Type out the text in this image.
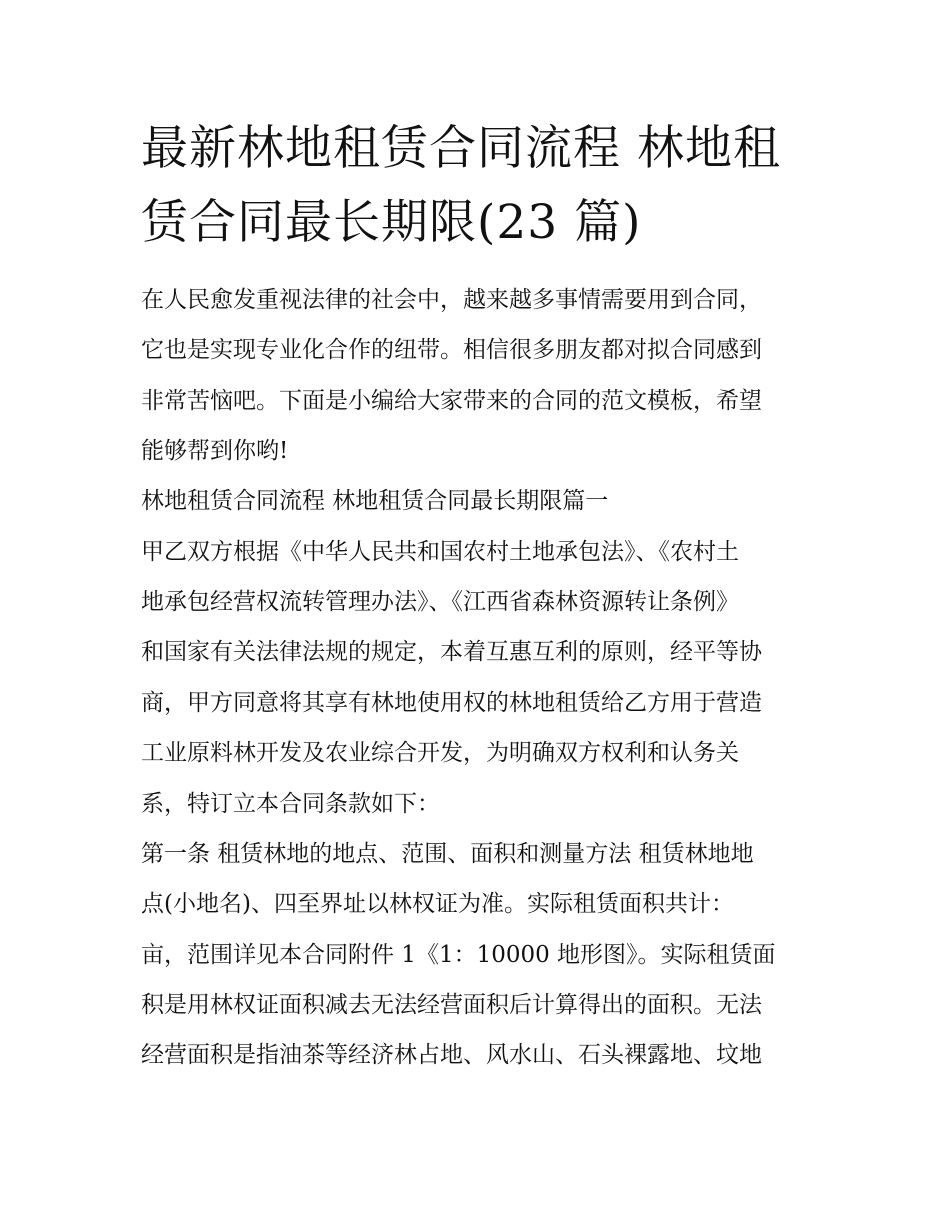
最新林地租赁合同流程 林地租赁合同最长期限(23 篇)

在人民愈发重视法律的社会中，越来越多事情需要用到合同，

它也是实现专业化合作的纽带。相信很多朋友都对拟合同感到

非常苦恼吧。下面是小编给大家带来的合同的范文模板，希望

能够帮到你哟!

林地租赁合同流程 林地租赁合同最长期限篇一

甲乙双方根据《中华人民共和国农村土地承包法》、《农村土

地承包经营权流转管理办法》、《江西省森林资源转让条例》

和国家有关法律法规的规定，本着互惠互利的原则，经平等协

商，甲方同意将其享有林地使用权的林地租赁给乙方用于营造

工业原料林开发及农业综合开发，为明确双方权利和认务关

系，特订立本合同条款如下：

第一条 租赁林地的地点、范围、面积和测量方法 租赁林地地

点(小地名)、四至界址以林权证为准。实际租赁面积共计：

亩，范围详见本合同附件 1《1：10000 地形图》。实际租赁面

积是用林权证面积减去无法经营面积后计算得出的面积。无法

经营面积是指油茶等经济林占地、风水山、石头裸露地、坟地
